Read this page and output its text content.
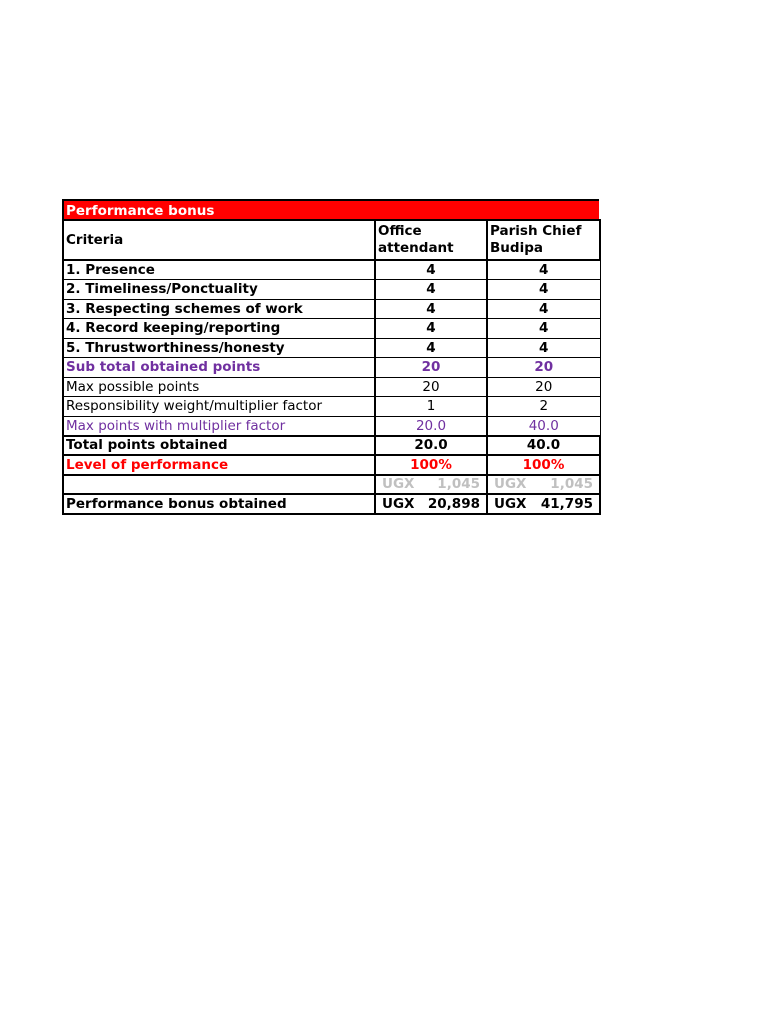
Performance bonus
Criteria	Office attendant	Parish Chief Budipa
1. Presence	4	4
2. Timeliness/Ponctuality	4	4
3. Respecting schemes of work	4	4
4. Record keeping/reporting	4	4
5. Thrustworthiness/honesty	4	4
Sub total obtained points	20	20
Max possible points	20	20
Responsibility weight/multiplier factor	1	2
Max points with multiplier factor	20.0	40.0
Total points obtained	20.0	40.0
Level of performance	100%	100%

	UGX 1,045	UGX 1,045

Performance bonus obtained	UGX 20,898	UGX 41,795
